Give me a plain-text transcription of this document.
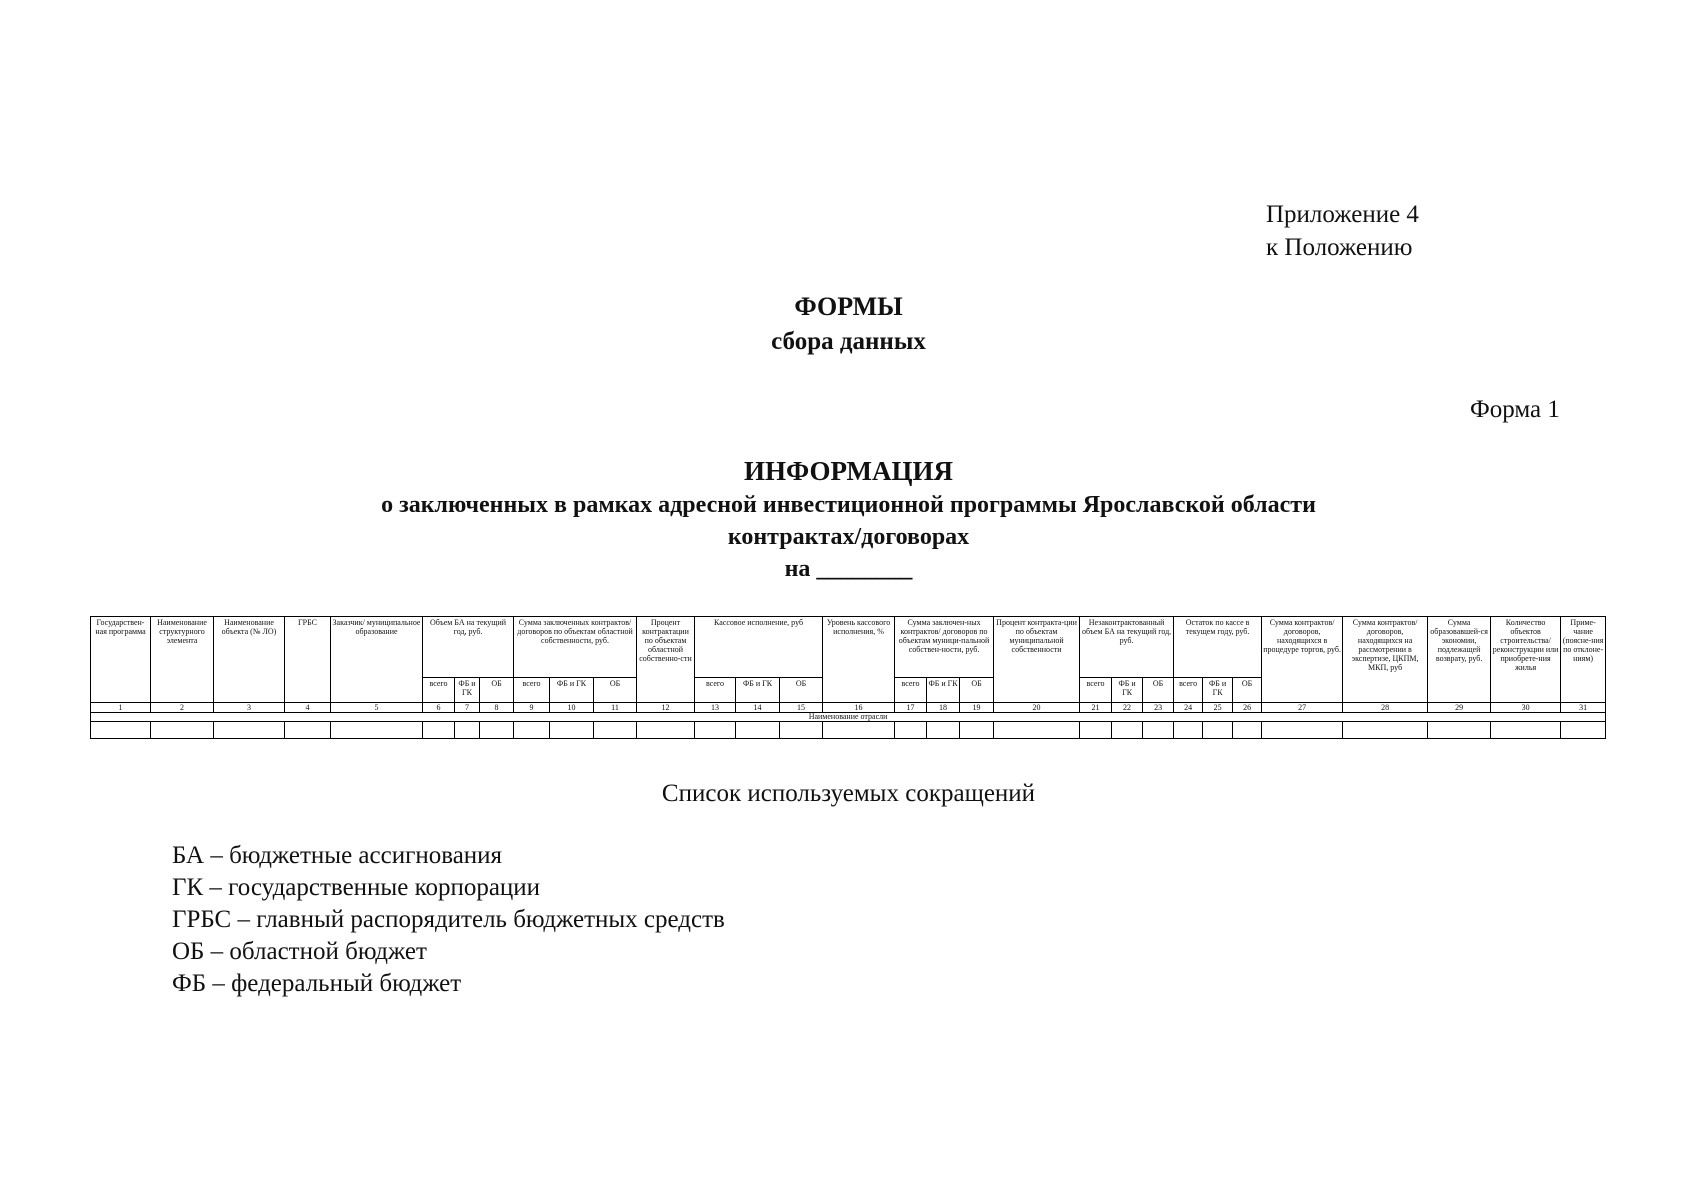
Приложение 4
к Положению
ФОРМЫ
сбора данных
Форма 1
ИНФОРМАЦИЯ
о заключенных в рамках адресной инвестиционной программы Ярославской области
контрактах/договорах
на ________
Государствен-ная программа	Наименование структурного элемента	Наименование объекта (№ ЛО)	ГРБС	Заказчик/ муниципальное образование	Объем БА на текущий год, руб.			Сумма заключенных контрактов/договоров по объектам областной собственности, руб.			Процент контрактации по объектам областной собственно-сти	Кассовое исполнение, руб			Уровень кассового исполнения, %	Сумма заключен-ных контрактов/ договоров по объектам муници-пальной собствен-ности, руб.			Процент контракта-ции по объектам муниципальной собственности	Незаконтрактованный объем БА на текущий год, руб.			Остаток по кассе в текущем году, руб.			Сумма контрактов/ договоров, находящихся в процедуре торгов, руб.	Сумма контрактов/ договоров, находящихся на рассмотрении в экспертизе, ЦКПМ, МКП, руб	Сумма образовавшей-ся экономии, подлежащей возврату, руб.	Количество объектов строительства/ реконструкции или приобрете-ния жилья	Приме-чание (поясне-ния по отклоне-ниям)
					всего	ФБ и ГК	ОБ	всего	ФБ и ГК	ОБ		всего	ФБ и ГК	ОБ		всего	ФБ и ГК	ОБ		всего	ФБ и ГК	ОБ	всего	ФБ и ГК	ОБ					
1	2	3	4	5	6	7	8	9	10	11	12	13	14	15	16	17	18	19	20	21	22	23	24	25	26	27	28	29	30	31
Наименование отрасли																														

Список используемых сокращений
БА – бюджетные ассигнования
ГК – государственные корпорации
ГРБС – главный распорядитель бюджетных средств
ОБ – областной бюджет
ФБ – федеральный бюджет
